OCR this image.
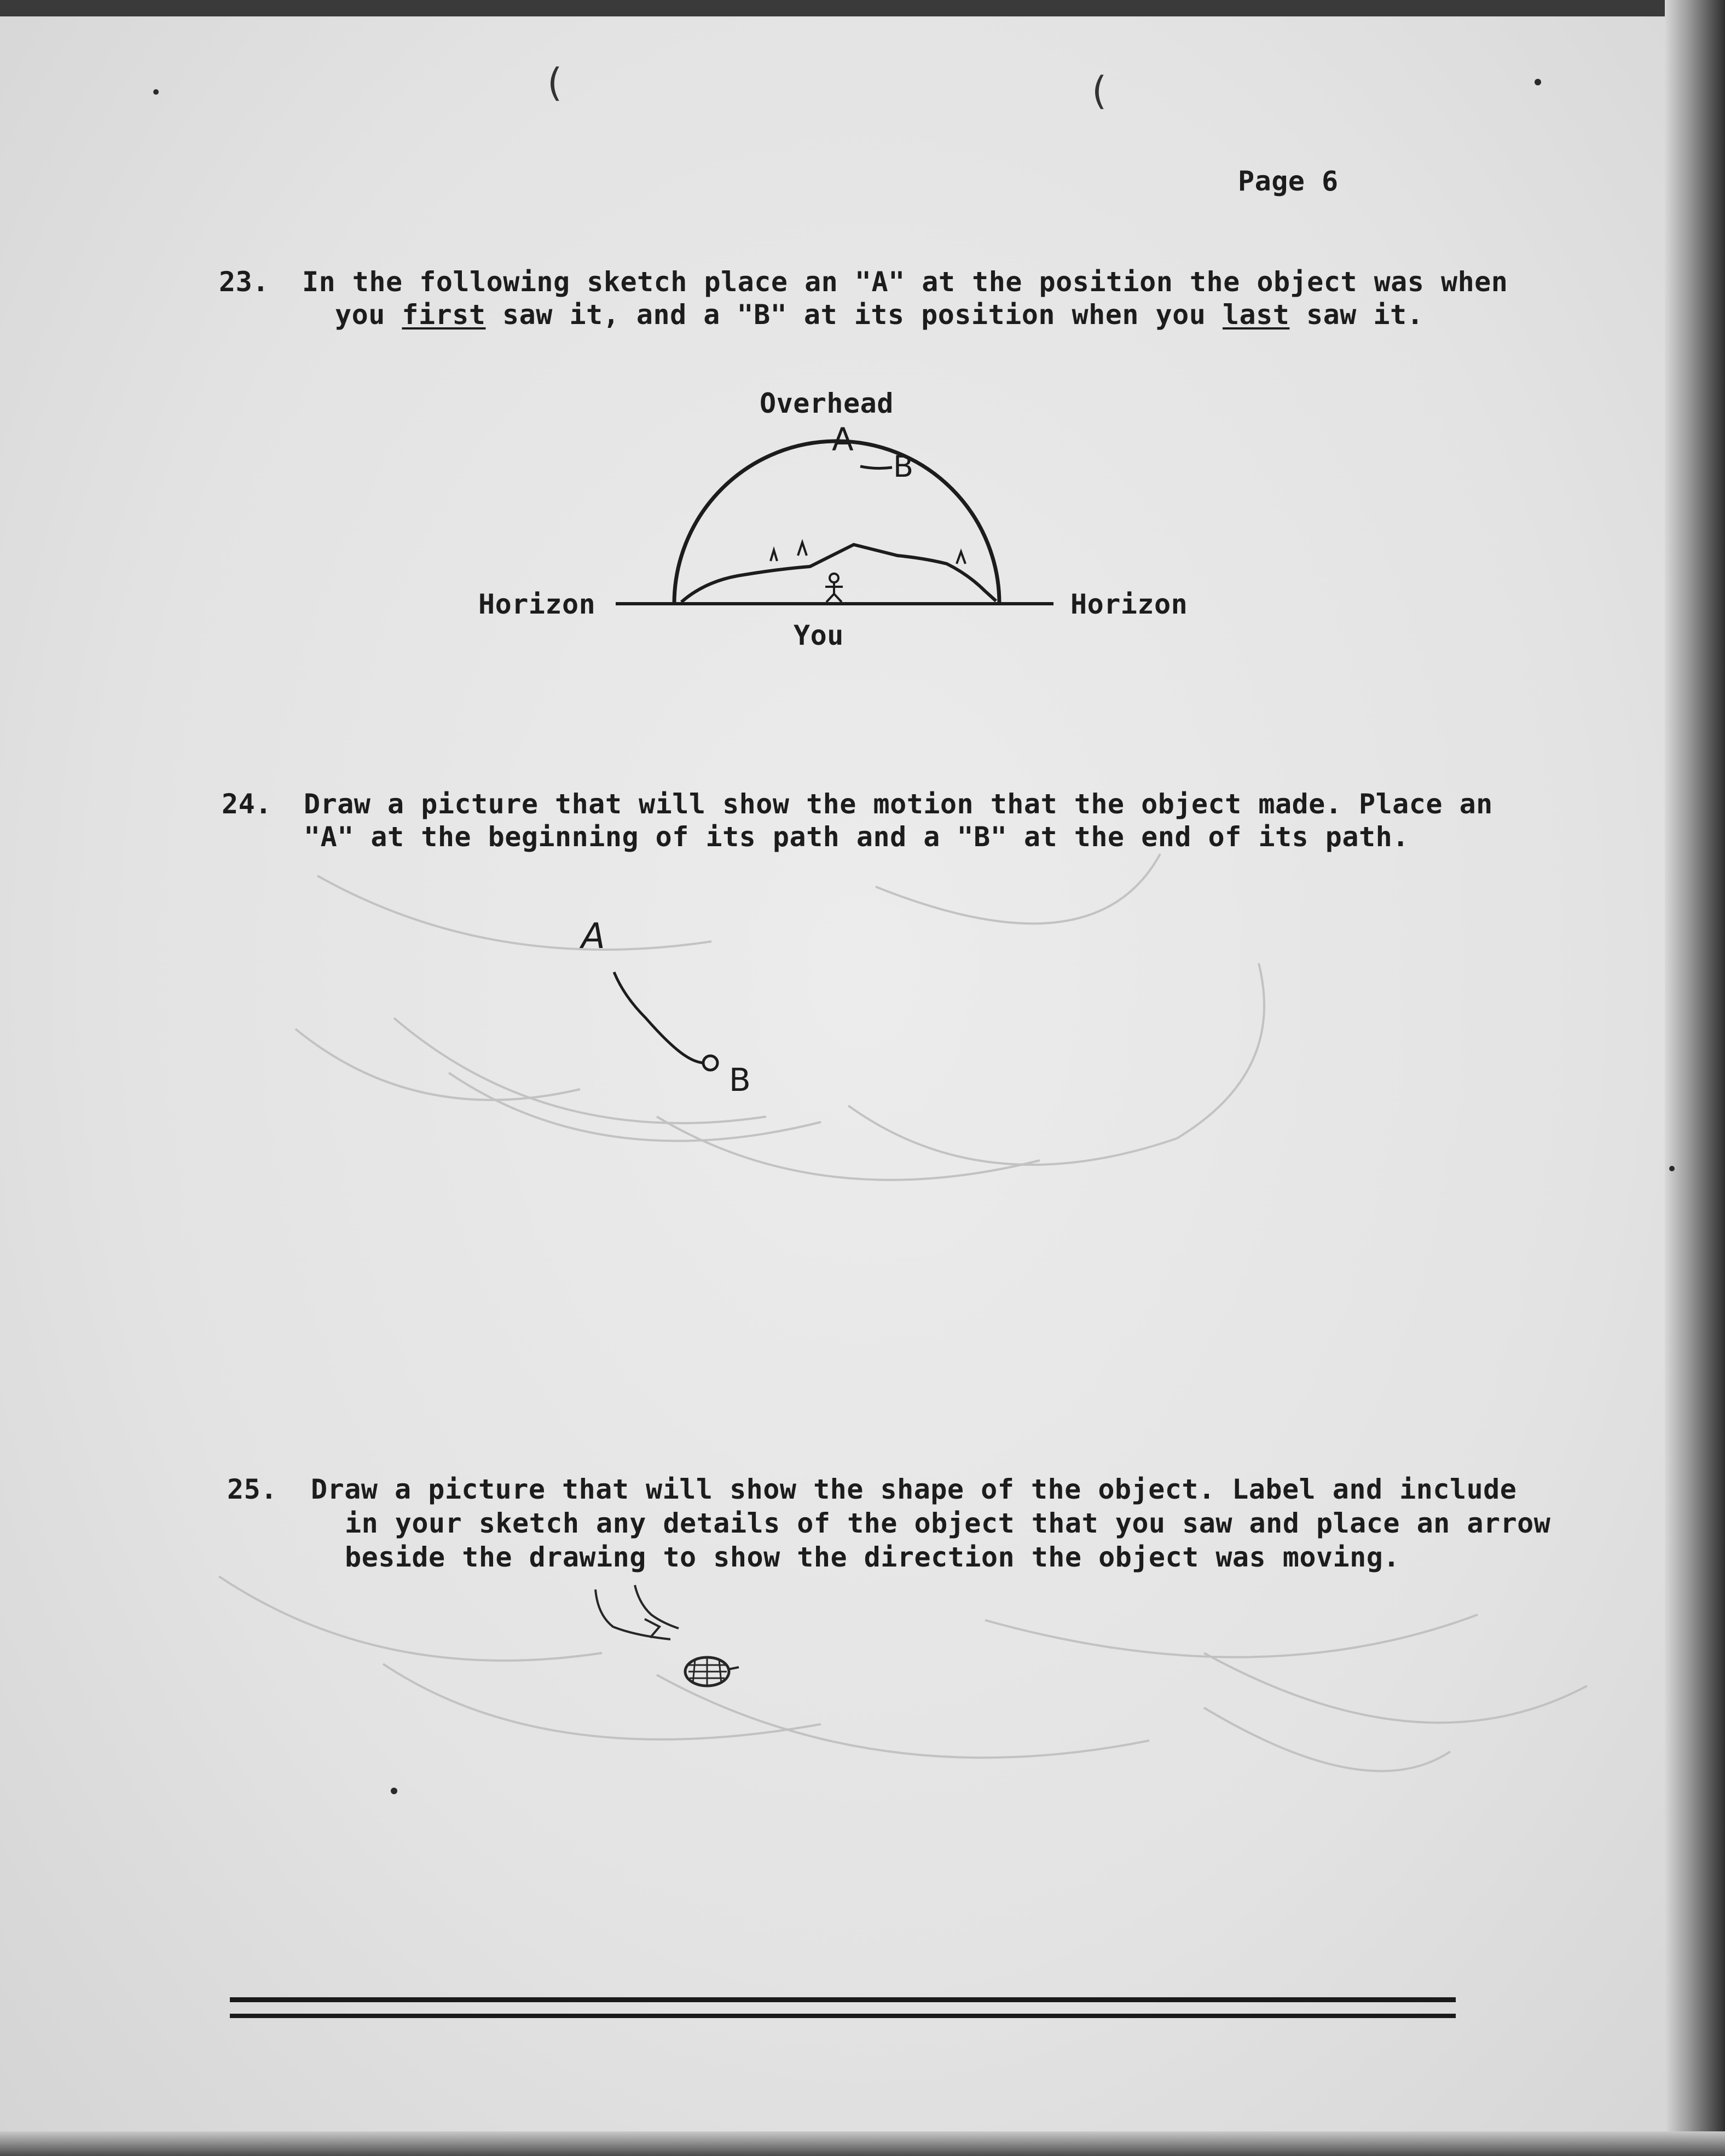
(	(
Page 6
23. In the following sketch place an "A" at the position the object was when
you first saw it, and a "B" at its position when you last saw it.
Overhead
Horizon	Horizon
You
A
B
24. Draw a picture that will show the motion that the object made. Place an
"A" at the beginning of its path and a "B" at the end of its path.
A
B
25. Draw a picture that will show the shape of the object. Label and include
in your sketch any details of the object that you saw and place an arrow
beside the drawing to show the direction the object was moving.
